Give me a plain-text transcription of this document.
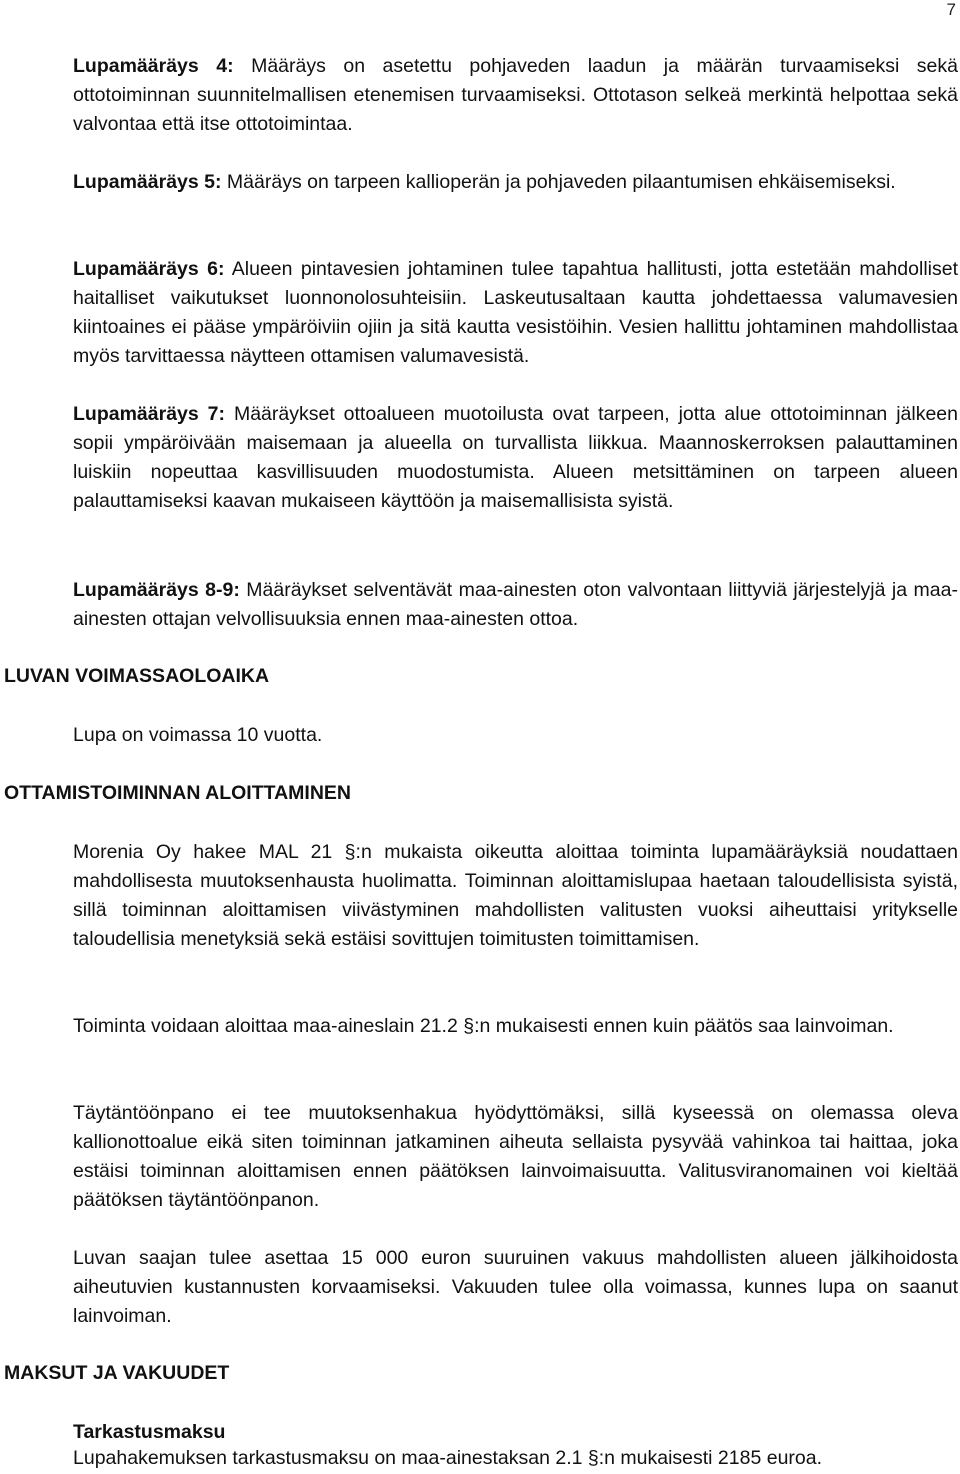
7

Lupamääräys 4: Määräys on asetettu pohjaveden laadun ja määrän turvaamiseksi sekä ottotoiminnan suunnitelmallisen etenemisen turvaamiseksi. Ottotason selkeä merkintä helpottaa sekä valvontaa että itse ottotoimintaa.

Lupamääräys 5: Määräys on tarpeen kallioperän ja pohjaveden pilaantumisen ehkäisemiseksi.

Lupamääräys 6: Alueen pintavesien johtaminen tulee tapahtua hallitusti, jotta estetään mahdolliset haitalliset vaikutukset luonnonolosuhteisiin. Laskeutusaltaan kautta johdettaessa valumavesien kiintoaines ei pääse ympäröiviin ojiin ja sitä kautta vesistöihin. Vesien hallittu johtaminen mahdollistaa myös tarvittaessa näytteen ottamisen valumavesistä.

Lupamääräys 7: Määräykset ottoalueen muotoilusta ovat tarpeen, jotta alue ottotoiminnan jälkeen sopii ympäröivään maisemaan ja alueella on turvallista liikkua. Maannoskerroksen palauttaminen luiskiin nopeuttaa kasvillisuuden muodostumista. Alueen metsittäminen on tarpeen alueen palauttamiseksi kaavan mukaiseen käyttöön ja maisemallisista syistä.

Lupamääräys 8-9: Määräykset selventävät maa-ainesten oton valvontaan liittyviä järjestelyjä ja maa-ainesten ottajan velvollisuuksia ennen maa-ainesten ottoa.

LUVAN VOIMASSAOLOAIKA

Lupa on voimassa 10 vuotta.

OTTAMISTOIMINNAN ALOITTAMINEN

Morenia Oy hakee MAL 21 §:n mukaista oikeutta aloittaa toiminta lupamääräyksiä noudattaen mahdollisesta muutoksenhausta huolimatta. Toiminnan aloittamislupaa haetaan taloudellisista syistä, sillä toiminnan aloittamisen viivästyminen mahdollisten valitusten vuoksi aiheuttaisi yritykselle taloudellisia menetyksiä sekä estäisi sovittujen toimitusten toimittamisen.

Toiminta voidaan aloittaa maa-aineslain 21.2 §:n mukaisesti ennen kuin päätös saa lainvoiman.

Täytäntöönpano ei tee muutoksenhakua hyödyttömäksi, sillä kyseessä on olemassa oleva kallionottoalue eikä siten toiminnan jatkaminen aiheuta sellaista pysyvää vahinkoa tai haittaa, joka estäisi toiminnan aloittamisen ennen päätöksen lainvoimaisuutta. Valitusviranomainen voi kieltää päätöksen täytäntöönpanon.

Luvan saajan tulee asettaa 15 000 euron suuruinen vakuus mahdollisten alueen jälkihoidosta aiheutuvien kustannusten korvaamiseksi. Vakuuden tulee olla voimassa, kunnes lupa on saanut lainvoiman.

MAKSUT JA VAKUUDET
Tarkastusmaksu

Lupahakemuksen tarkastusmaksu on maa-ainestaksan 2.1 §:n mukaisesti 2185 euroa.
